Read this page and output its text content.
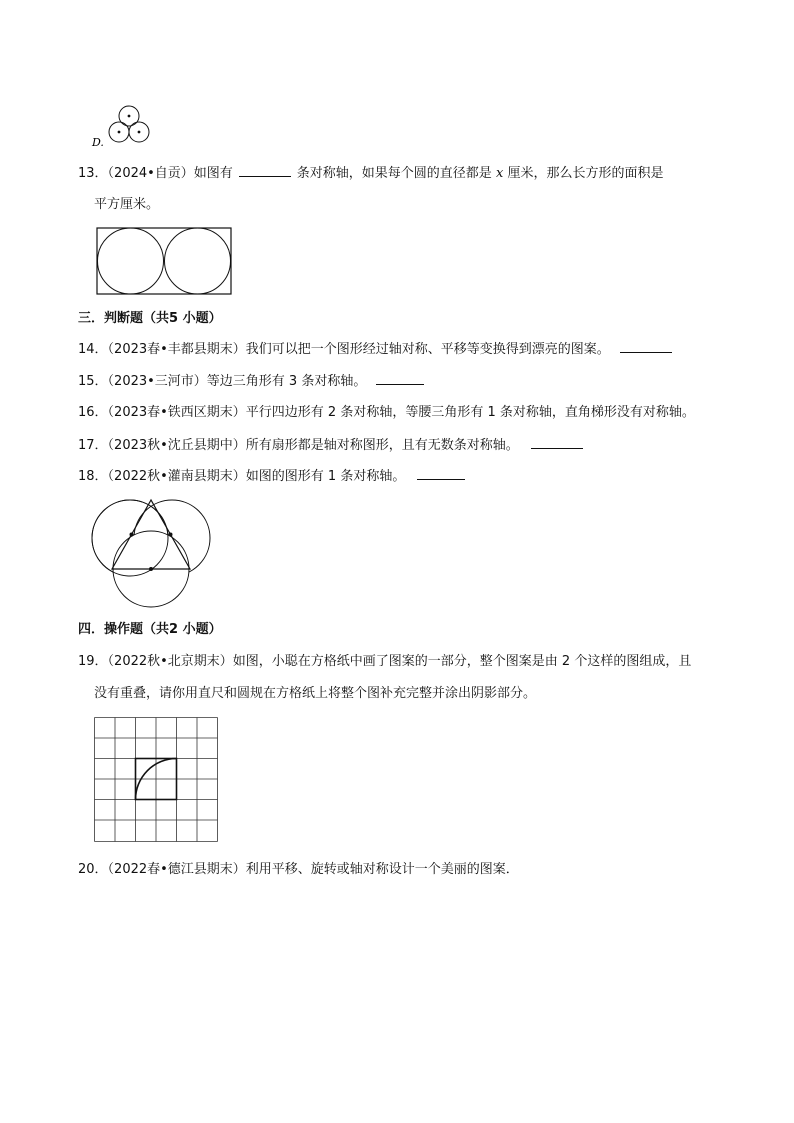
D.
13．（2024•自贡）如图有	条对称轴，如果每个圆的直径都是 x 厘米，那么长方形的面积是
平方厘米。
三．判断题（共5 小题）
14．（2023春•丰都县期末）我们可以把一个图形经过轴对称、平移等变换得到漂亮的图案。
15．（2023•三河市）等边三角形有 3 条对称轴。
16．（2023春•铁西区期末）平行四边形有 2 条对称轴，等腰三角形有 1 条对称轴，直角梯形没有对称轴。
17．（2023秋•沈丘县期中）所有扇形都是轴对称图形，且有无数条对称轴。
18．（2022秋•灌南县期末）如图的图形有 1 条对称轴。
四．操作题（共2 小题）
19．（2022秋•北京期末）如图，小聪在方格纸中画了图案的一部分，整个图案是由 2 个这样的图组成，且
没有重叠，请你用直尺和圆规在方格纸上将整个图补充完整并涂出阴影部分。
20．（2022春•德江县期末）利用平移、旋转或轴对称设计一个美丽的图案．
